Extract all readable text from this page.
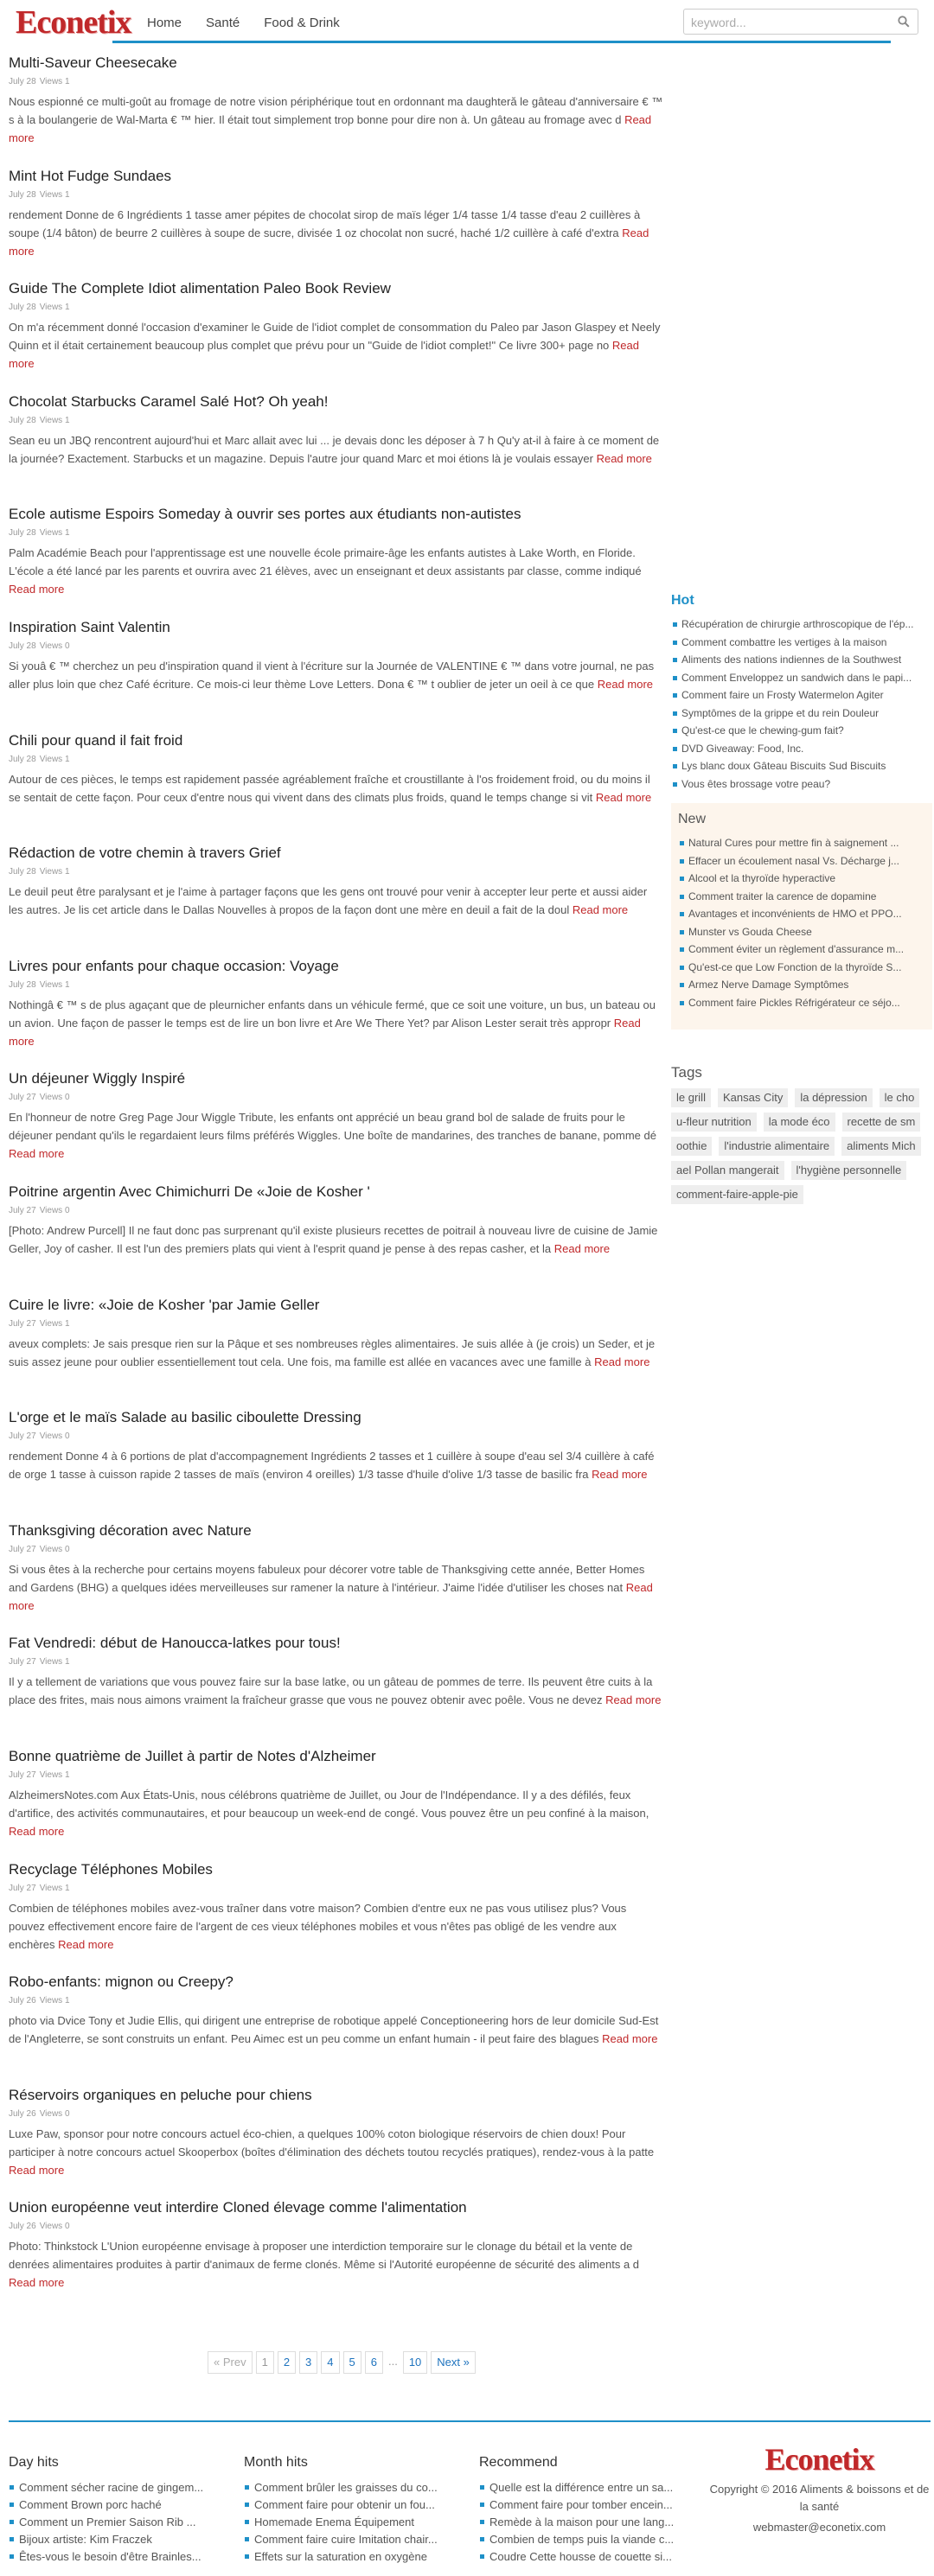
Econetix Home Santé Food & Drink
keyword...
Multi-Saveur Cheesecake
July 28 Views 1

Nous espionné ce multi-goût au fromage de notre vision périphérique tout en ordonnant ma daughteră le gâteau d'anniversaire € ™ s à la boulangerie de Wal-Marta € ™ hier. Il était tout simplement trop bonne pour dire non à. Un gâteau au fromage avec d Read more

Mint Hot Fudge Sundaes
July 28 Views 1

rendement Donne de 6 Ingrédients 1 tasse amer pépites de chocolat sirop de maïs léger 1/4 tasse 1/4 tasse d'eau 2 cuillères à soupe (1/4 bâton) de beurre 2 cuillères à soupe de sucre, divisée 1 oz chocolat non sucré, haché 1/2 cuillère à café d'extra Read more

Guide The Complete Idiot alimentation Paleo Book Review
July 28 Views 1

On m'a récemment donné l'occasion d'examiner le Guide de l'idiot complet de consommation du Paleo par Jason Glaspey et Neely Quinn et il était certainement beaucoup plus complet que prévu pour un "Guide de l'idiot complet!" Ce livre 300+ page no Read more

Chocolat Starbucks Caramel Salé Hot? Oh yeah!
July 28 Views 1

Sean eu un JBQ rencontrent aujourd'hui et Marc allait avec lui ... je devais donc les déposer à 7 h Qu'y at-il à faire à ce moment de la journée? Exactement. Starbucks et un magazine. Depuis l'autre jour quand Marc et moi étions là je voulais essayer Read more

Ecole autisme Espoirs Someday à ouvrir ses portes aux étudiants non-autistes
July 28 Views 1

Palm Académie Beach pour l'apprentissage est une nouvelle école primaire-âge les enfants autistes à Lake Worth, en Floride. L'école a été lancé par les parents et ouvrira avec 21 élèves, avec un enseignant et deux assistants par classe, comme indiqué Read more

Inspiration Saint Valentin
July 28 Views 0

Si youâ € ™ cherchez un peu d'inspiration quand il vient à l'écriture sur la Journée de VALENTINE € ™ dans votre journal, ne pas aller plus loin que chez Café écriture. Ce mois-ci leur thème Love Letters. Dona € ™ t oublier de jeter un oeil à ce que Read more

Chili pour quand il fait froid
July 28 Views 1

Autour de ces pièces, le temps est rapidement passée agréablement fraîche et croustillante à l'os froidement froid, ou du moins il se sentait de cette façon. Pour ceux d'entre nous qui vivent dans des climats plus froids, quand le temps change si vit Read more

Rédaction de votre chemin à travers Grief
July 28 Views 1

Le deuil peut être paralysant et je l'aime à partager façons que les gens ont trouvé pour venir à accepter leur perte et aussi aider les autres. Je lis cet article dans le Dallas Nouvelles à propos de la façon dont une mère en deuil a fait de la doul Read more

Livres pour enfants pour chaque occasion: Voyage
July 28 Views 1

Nothingâ € ™ s de plus agaçant que de pleurnicher enfants dans un véhicule fermé, que ce soit une voiture, un bus, un bateau ou un avion. Une façon de passer le temps est de lire un bon livre et Are We There Yet? par Alison Lester serait très appropr Read more

Un déjeuner Wiggly Inspiré
July 27 Views 0

En l'honneur de notre Greg Page Jour Wiggle Tribute, les enfants ont apprécié un beau grand bol de salade de fruits pour le déjeuner pendant qu'ils le regardaient leurs films préférés Wiggles. Une boîte de mandarines, des tranches de banane, pomme dé Read more

Poitrine argentin Avec Chimichurri De «Joie de Kosher '
July 27 Views 0

[Photo: Andrew Purcell] Il ne faut donc pas surprenant qu'il existe plusieurs recettes de poitrail à nouveau livre de cuisine de Jamie Geller, Joy of casher. Il est l'un des premiers plats qui vient à l'esprit quand je pense à des repas casher, et la Read more

Cuire le livre: «Joie de Kosher 'par Jamie Geller
July 27 Views 1

aveux complets: Je sais presque rien sur la Pâque et ses nombreuses règles alimentaires. Je suis allée à (je crois) un Seder, et je suis assez jeune pour oublier essentiellement tout cela. Une fois, ma famille est allée en vacances avec une famille à Read more

L'orge et le maïs Salade au basilic ciboulette Dressing
July 27 Views 0

rendement Donne 4 à 6 portions de plat d'accompagnement Ingrédients 2 tasses et 1 cuillère à soupe d'eau sel 3/4 cuillère à café de orge 1 tasse à cuisson rapide 2 tasses de maïs (environ 4 oreilles) 1/3 tasse d'huile d'olive 1/3 tasse de basilic fra Read more

Thanksgiving décoration avec Nature
July 27 Views 0

Si vous êtes à la recherche pour certains moyens fabuleux pour décorer votre table de Thanksgiving cette année, Better Homes and Gardens (BHG) a quelques idées merveilleuses sur ramener la nature à l'intérieur. J'aime l'idée d'utiliser les choses nat Read more

Fat Vendredi: début de Hanoucca-latkes pour tous!
July 27 Views 1

Il y a tellement de variations que vous pouvez faire sur la base latke, ou un gâteau de pommes de terre. Ils peuvent être cuits à la place des frites, mais nous aimons vraiment la fraîcheur grasse que vous ne pouvez obtenir avec poêle. Vous ne devez Read more

Bonne quatrième de Juillet à partir de Notes d'Alzheimer
July 27 Views 1

AlzheimersNotes.com Aux États-Unis, nous célébrons quatrième de Juillet, ou Jour de l'Indépendance. Il y a des défilés, feux d'artifice, des activités communautaires, et pour beaucoup un week-end de congé. Vous pouvez être un peu confiné à la maison, Read more

Recyclage Téléphones Mobiles
July 27 Views 1

Combien de téléphones mobiles avez-vous traîner dans votre maison? Combien d'entre eux ne pas vous utilisez plus? Vous pouvez effectivement encore faire de l'argent de ces vieux téléphones mobiles et vous n'êtes pas obligé de les vendre aux enchères Read more

Robo-enfants: mignon ou Creepy?
July 26 Views 1

photo via Dvice Tony et Judie Ellis, qui dirigent une entreprise de robotique appelé Conceptioneering hors de leur domicile Sud-Est de l'Angleterre, se sont construits un enfant. Peu Aimec est un peu comme un enfant humain - il peut faire des blagues Read more

Réservoirs organiques en peluche pour chiens
July 26 Views 0

Luxe Paw, sponsor pour notre concours actuel éco-chien, a quelques 100% coton biologique réservoirs de chien doux! Pour participer à notre concours actuel Skooperbox (boîtes d'élimination des déchets toutou recyclés pratiques), rendez-vous à la patte Read more

Union européenne veut interdire Cloned élevage comme l'alimentation
July 26 Views 0

Photo: Thinkstock L'Union européenne envisage à proposer une interdiction temporaire sur le clonage du bétail et la vente de denrées alimentaires produites à partir d'animaux de ferme clonés. Même si l'Autorité européenne de sécurité des aliments a d Read more

« Prev	1	2	3	4	5	6	...	10	Next »
Hot
Récupération de chirurgie arthroscopique de l'ép...
Comment combattre les vertiges à la maison
Aliments des nations indiennes de la Southwest
Comment Enveloppez un sandwich dans le papi...
Comment faire un Frosty Watermelon Agiter
Symptômes de la grippe et du rein Douleur
Qu'est-ce que le chewing-gum fait?
DVD Giveaway: Food, Inc.
Lys blanc doux Gâteau Biscuits Sud Biscuits
Vous êtes brossage votre peau?
New
Natural Cures pour mettre fin à saignement ...
Effacer un écoulement nasal Vs. Décharge j...
Alcool et la thyroïde hyperactive
Comment traiter la carence de dopamine
Avantages et inconvénients de HMO et PPO...
Munster vs Gouda Cheese
Comment éviter un règlement d'assurance m...
Qu'est-ce que Low Fonction de la thyroïde S...
Armez Nerve Damage Symptômes
Comment faire Pickles Réfrigérateur ce séjo...
Tags
le grill	Kansas City	la dépression	le cho
u-fleur nutrition	la mode éco	recette de sm
oothie	l'industrie alimentaire	aliments Mich
ael Pollan mangerait	l'hygiène personnelle
comment-faire-apple-pie
Day hits
Comment sécher racine de gingem...
Comment Brown porc haché
Comment un Premier Saison Rib ...
Bijoux artiste: Kim Fraczek
Êtes-vous le besoin d'être Brainles...
Month hits
Comment brûler les graisses du co...
Comment faire pour obtenir un fou...
Homemade Enema Équipement
Comment faire cuire Imitation chair...
Effets sur la saturation en oxygène
Recommend
Quelle est la différence entre un sa...
Comment faire pour tomber encein...
Remède à la maison pour une lang...
Combien de temps puis la viande c...
Coudre Cette housse de couette si...
Econetix
Copyright © 2016 Aliments & boissons et de la santé
webmaster@econetix.com
